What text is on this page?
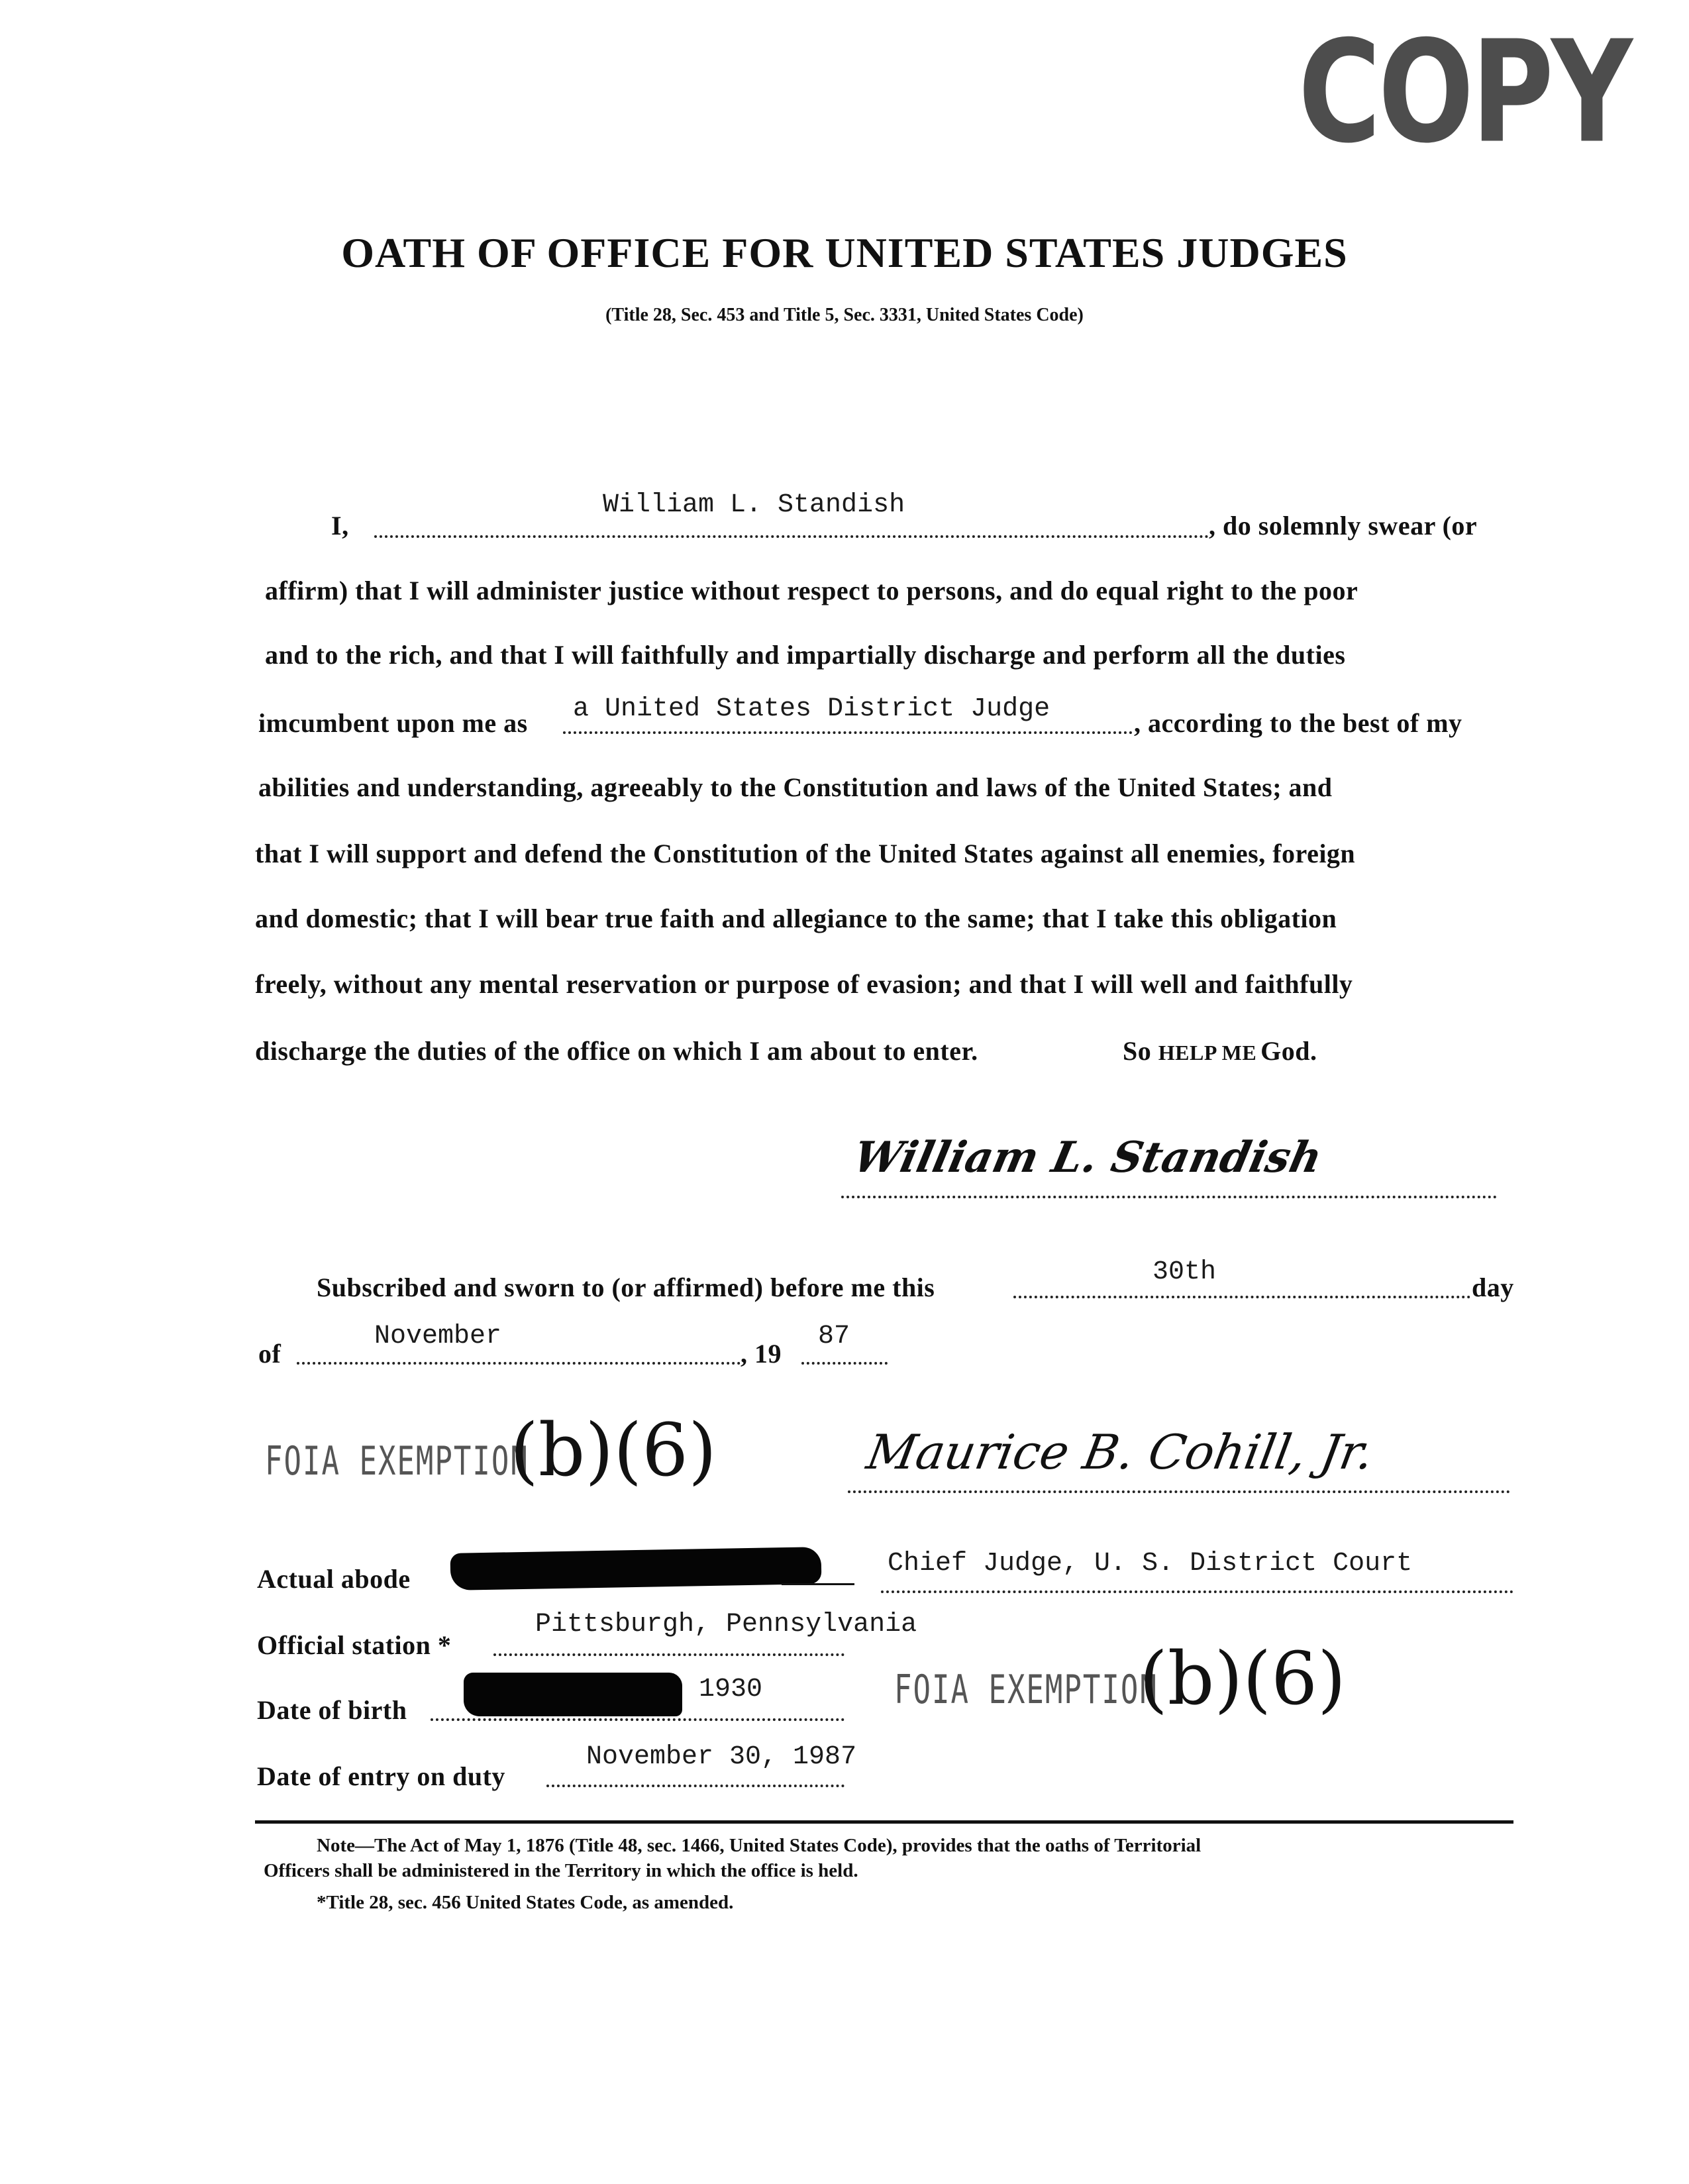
COPY
OATH OF OFFICE FOR UNITED STATES JUDGES
(Title 28, Sec. 453 and Title 5, Sec. 3331, United States Code)
I,
William L. Standish
, do solemnly swear (or
affirm) that I will administer justice without respect to persons, and do equal right to the poor
and to the rich, and that I will faithfully and impartially discharge and perform all the duties
imcumbent upon me as a United States District Judge	, according to the best of my
abilities and understanding, agreeably to the Constitution and laws of the United States; and
that I will support and defend the Constitution of the United States against all enemies, foreign
and domestic; that I will bear true faith and allegiance to the same; that I take this obligation
freely, without any mental reservation or purpose of evasion; and that I will well and faithfully
discharge the duties of the office on which I am about to enter.	So HELP ME God.
William L. Standish
Subscribed and sworn to (or affirmed) before me this
30th
day
of
November
, 19
87
FOIA EXEMPTION
(b)(6)	Maurice B. Cohill, Jr.
Actual abode
Chief Judge, U. S. District Court
Official station *
Pittsburgh, Pennsylvania
Date of birth
1930	FOIA EXEMPTION
(b)(6)
Date of entry on duty
November 30, 1987
Note—The Act of May 1, 1876 (Title 48, sec. 1466, United States Code), provides that the oaths of Territorial
Officers shall be administered in the Territory in which the office is held.
*Title 28, sec. 456 United States Code, as amended.
